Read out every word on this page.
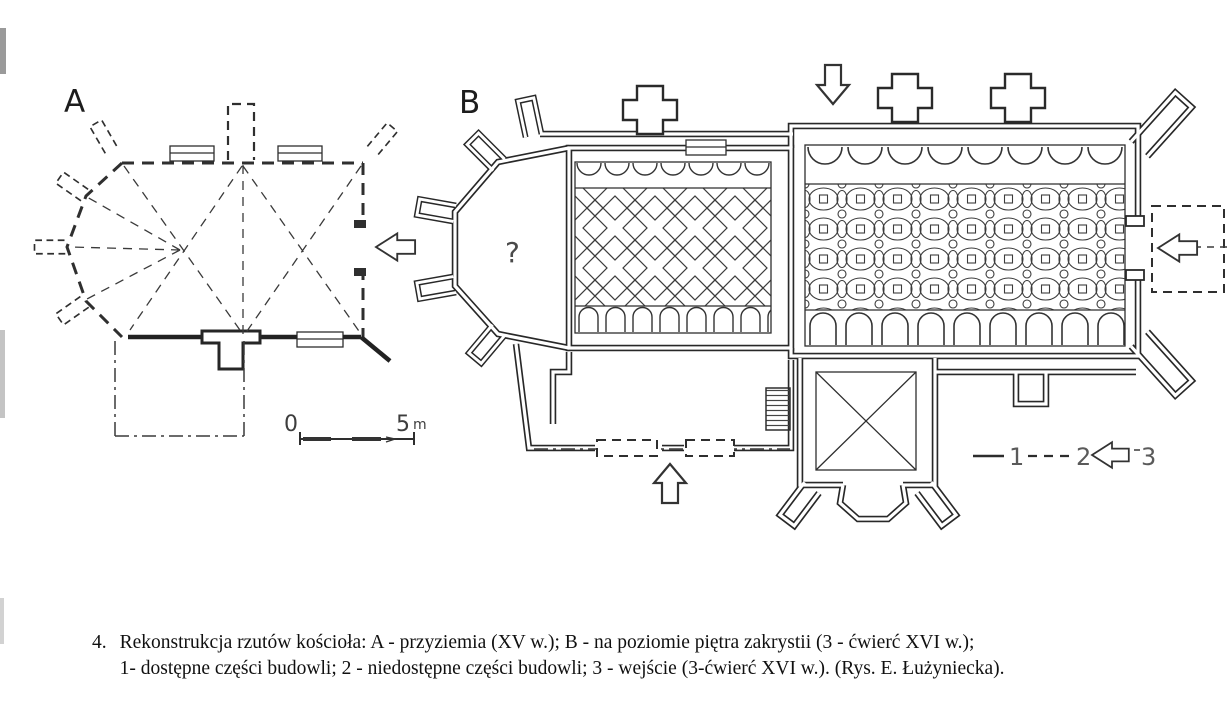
A
0	5 m
B
?
1 2 3
4. Rekonstrukcja rzutów kościoła: A - przyziemia (XV w.); B - na poziomie piętra zakrystii (3 - ćwierć XVI w.);
1- dostępne części budowli; 2 - niedostępne części budowli; 3 - wejście (3-ćwierć XVI w.). (Rys. E. Łużyniecka).
